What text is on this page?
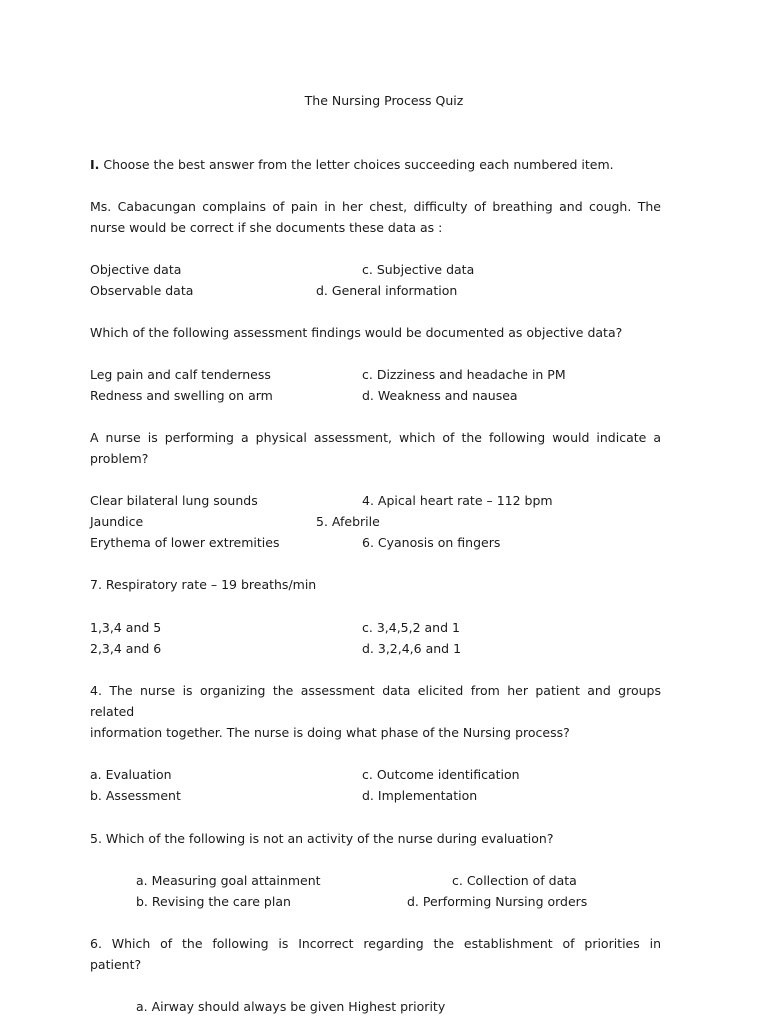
The Nursing Process Quiz
I. Choose the best answer from the letter choices succeeding each numbered item.
Ms. Cabacungan complains of pain in her chest, difficulty of breathing and cough. The
nurse would be correct if she documents these data as :
Objective data	c. Subjective data
Observable data	d. General information
Which of the following assessment findings would be documented as objective data?
Leg pain and calf tenderness	c. Dizziness and headache in PM
Redness and swelling on arm	d. Weakness and nausea
A nurse is performing a physical assessment, which of the following would indicate a
problem?
Clear bilateral lung sounds	4. Apical heart rate – 112 bpm
Jaundice	5. Afebrile
Erythema of lower extremities	6. Cyanosis on fingers
7. Respiratory rate – 19 breaths/min
1,3,4 and 5	c. 3,4,5,2 and 1
2,3,4 and 6	d. 3,2,4,6 and 1
4. The nurse is organizing the assessment data elicited from her patient and groups
related
information together. The nurse is doing what phase of the Nursing process?
a. Evaluation	c. Outcome identification
b. Assessment	d. Implementation
5. Which of the following is not an activity of the nurse during evaluation?
a. Measuring goal attainment	c. Collection of data
b. Revising the care plan	d. Performing Nursing orders
6. Which of the following is Incorrect regarding the establishment of priorities in
patient?
a. Airway should always be given Highest priority
